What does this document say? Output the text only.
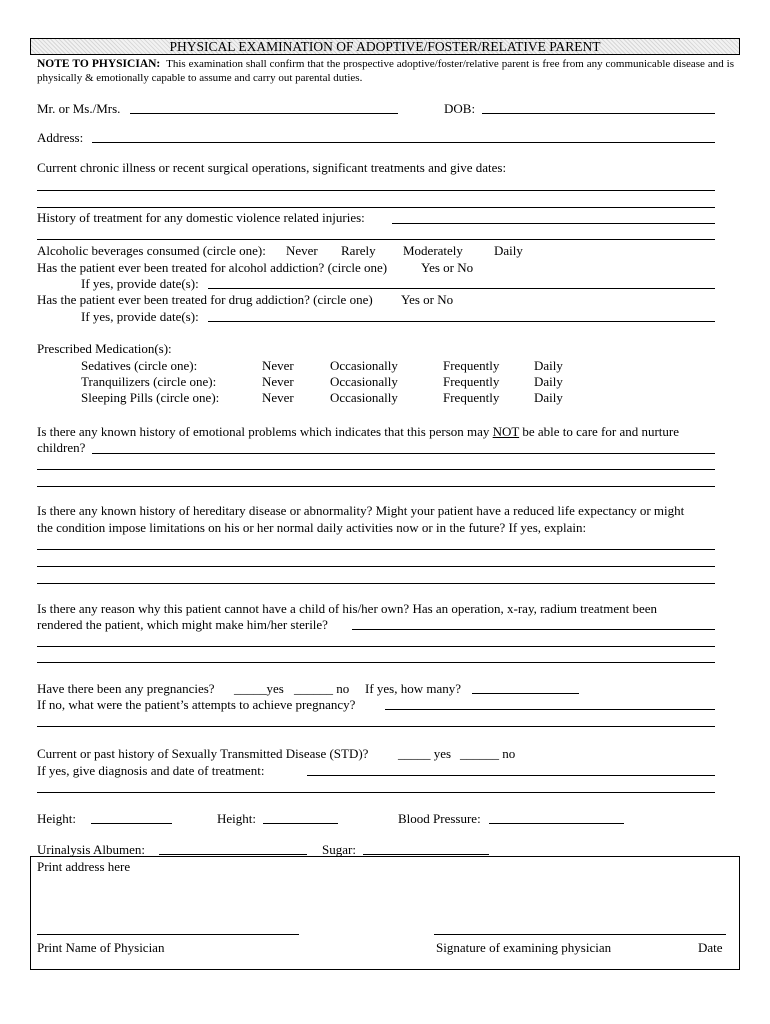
PHYSICAL EXAMINATION OF ADOPTIVE/FOSTER/RELATIVE PARENT
NOTE TO PHYSICIAN: This examination shall confirm that the prospective adoptive/foster/relative parent is free from any communicable disease and is physically & emotionally capable to assume and carry out parental duties.
Mr. or Ms./Mrs.	DOB:
Address:
Current chronic illness or recent surgical operations, significant treatments and give dates:
History of treatment for any domestic violence related injuries:
Alcoholic beverages consumed (circle one): Never Rarely Moderately Daily
Has the patient ever been treated for alcohol addiction? (circle one)	Yes or No
If yes, provide date(s):
Has the patient ever been treated for drug addiction? (circle one) Yes or No
If yes, provide date(s):
Prescribed Medication(s):
Sedatives (circle one):	Never	Occasionally	Frequently	Daily
Tranquilizers (circle one):	Never	Occasionally	Frequently	Daily
Sleeping Pills (circle one):	Never	Occasionally	Frequently	Daily
Is there any known history of emotional problems which indicates that this person may NOT be able to care for and nurture
children?
Is there any known history of hereditary disease or abnormality? Might your patient have a reduced life expectancy or might
the condition impose limitations on his or her normal daily activities now or in the future? If yes, explain:
Is there any reason why this patient cannot have a child of his/her own? Has an operation, x-ray, radium treatment been
rendered the patient, which might make him/her sterile?
Have there been any pregnancies? _____yes ______ no If yes, how many?
If no, what were the patient’s attempts to achieve pregnancy?
Current or past history of Sexually Transmitted Disease (STD)? _____ yes ______ no
If yes, give diagnosis and date of treatment:
Height:	Height:	Blood Pressure:
Urinalysis Albumen:	Sugar:
Print address here
Print Name of Physician	Signature of examining physician	Date
